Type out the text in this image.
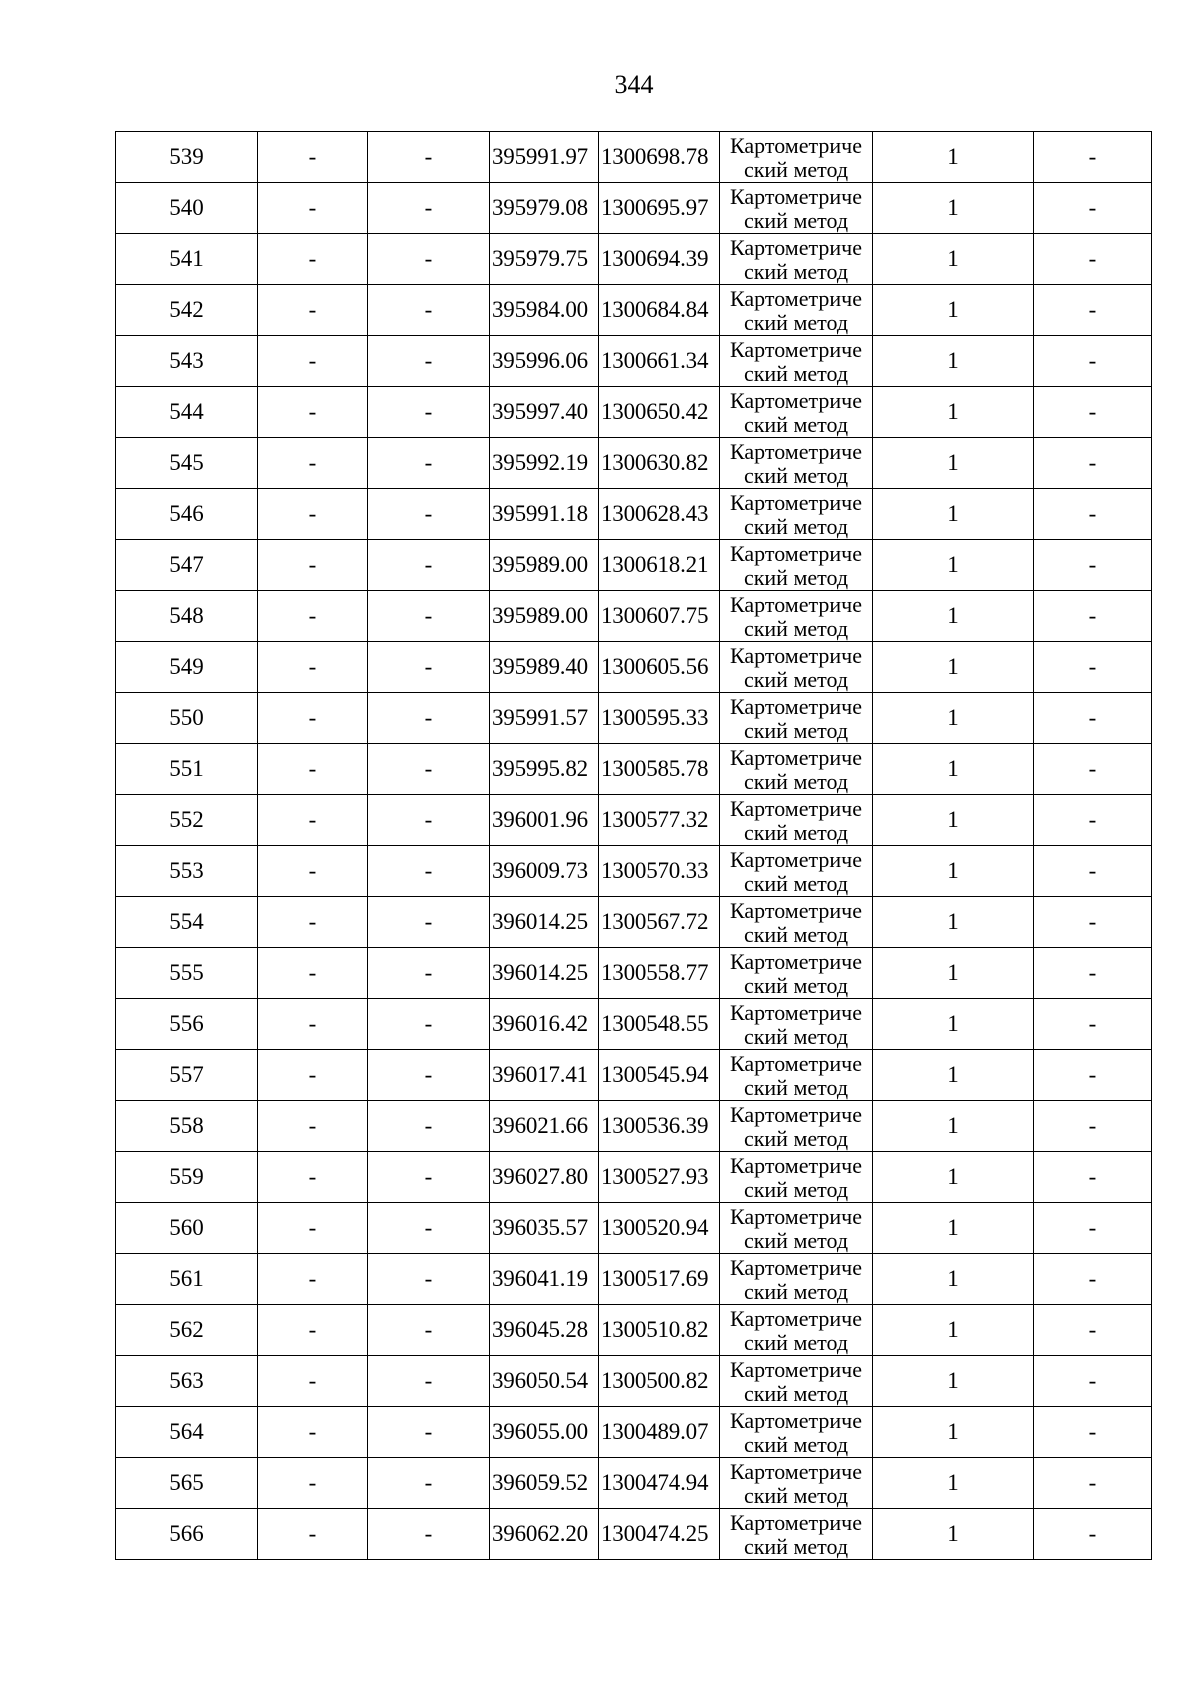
344
539	-	-	395991.97	1300698.78	Картометрический метод	1	-
540	-	-	395979.08	1300695.97	Картометрический метод	1	-
541	-	-	395979.75	1300694.39	Картометрический метод	1	-
542	-	-	395984.00	1300684.84	Картометрический метод	1	-
543	-	-	395996.06	1300661.34	Картометрический метод	1	-
544	-	-	395997.40	1300650.42	Картометрический метод	1	-
545	-	-	395992.19	1300630.82	Картометрический метод	1	-
546	-	-	395991.18	1300628.43	Картометрический метод	1	-
547	-	-	395989.00	1300618.21	Картометрический метод	1	-
548	-	-	395989.00	1300607.75	Картометрический метод	1	-
549	-	-	395989.40	1300605.56	Картометрический метод	1	-
550	-	-	395991.57	1300595.33	Картометрический метод	1	-
551	-	-	395995.82	1300585.78	Картометрический метод	1	-
552	-	-	396001.96	1300577.32	Картометрический метод	1	-
553	-	-	396009.73	1300570.33	Картометрический метод	1	-
554	-	-	396014.25	1300567.72	Картометрический метод	1	-
555	-	-	396014.25	1300558.77	Картометрический метод	1	-
556	-	-	396016.42	1300548.55	Картометрический метод	1	-
557	-	-	396017.41	1300545.94	Картометрический метод	1	-
558	-	-	396021.66	1300536.39	Картометрический метод	1	-
559	-	-	396027.80	1300527.93	Картометрический метод	1	-
560	-	-	396035.57	1300520.94	Картометрический метод	1	-
561	-	-	396041.19	1300517.69	Картометрический метод	1	-
562	-	-	396045.28	1300510.82	Картометрический метод	1	-
563	-	-	396050.54	1300500.82	Картометрический метод	1	-
564	-	-	396055.00	1300489.07	Картометрический метод	1	-
565	-	-	396059.52	1300474.94	Картометрический метод	1	-
566	-	-	396062.20	1300474.25	Картометрический метод	1	-
